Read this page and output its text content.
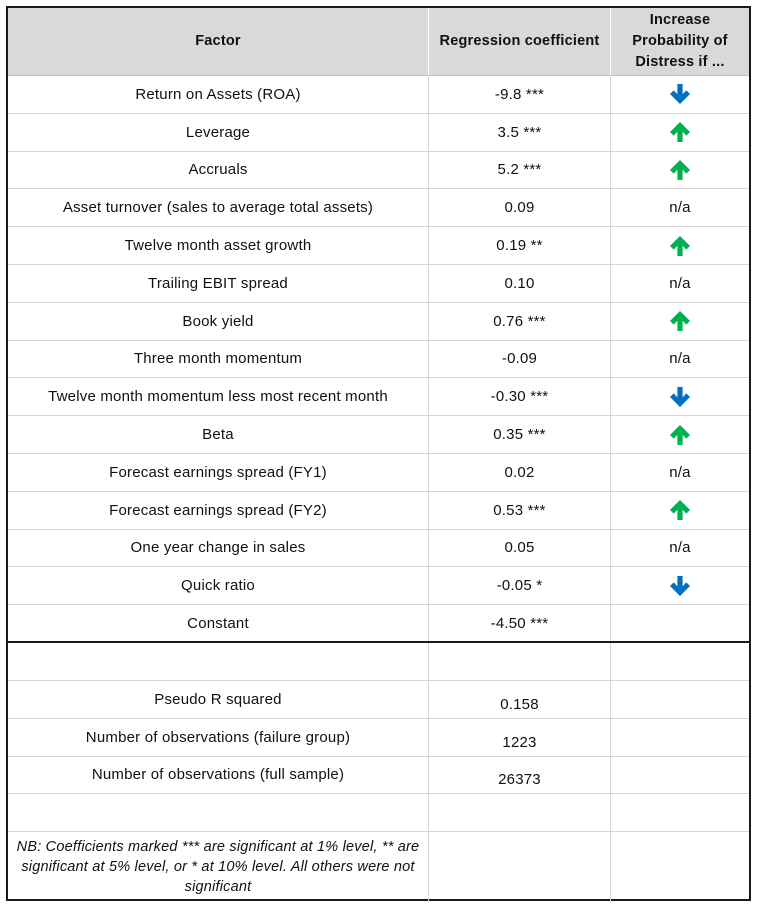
Factor	Regression coefficient
Increase
Probability of
Distress if ...
Return on Assets (ROA)	-9.8 ***
Leverage	3.5 ***
Accruals	5.2 ***
Asset turnover (sales to average total assets)	0.09	n/a
Twelve month asset growth	0.19 **
Trailing EBIT spread	0.10	n/a
Book yield	0.76 ***
Three month momentum	-0.09	n/a
Twelve month momentum less most recent month	-0.30 ***
Beta	0.35 ***
Forecast earnings spread (FY1)	0.02	n/a
Forecast earnings spread (FY2)	0.53 ***
One year change in sales	0.05	n/a
Quick ratio	-0.05 *
Constant	-4.50 ***
Pseudo R squared	0.158
Number of observations (failure group)	1223
Number of observations (full sample)	26373
NB: Coefficients marked *** are significant at 1% level, ** are significant at 5% level, or * at 10% level. All others were not significant
